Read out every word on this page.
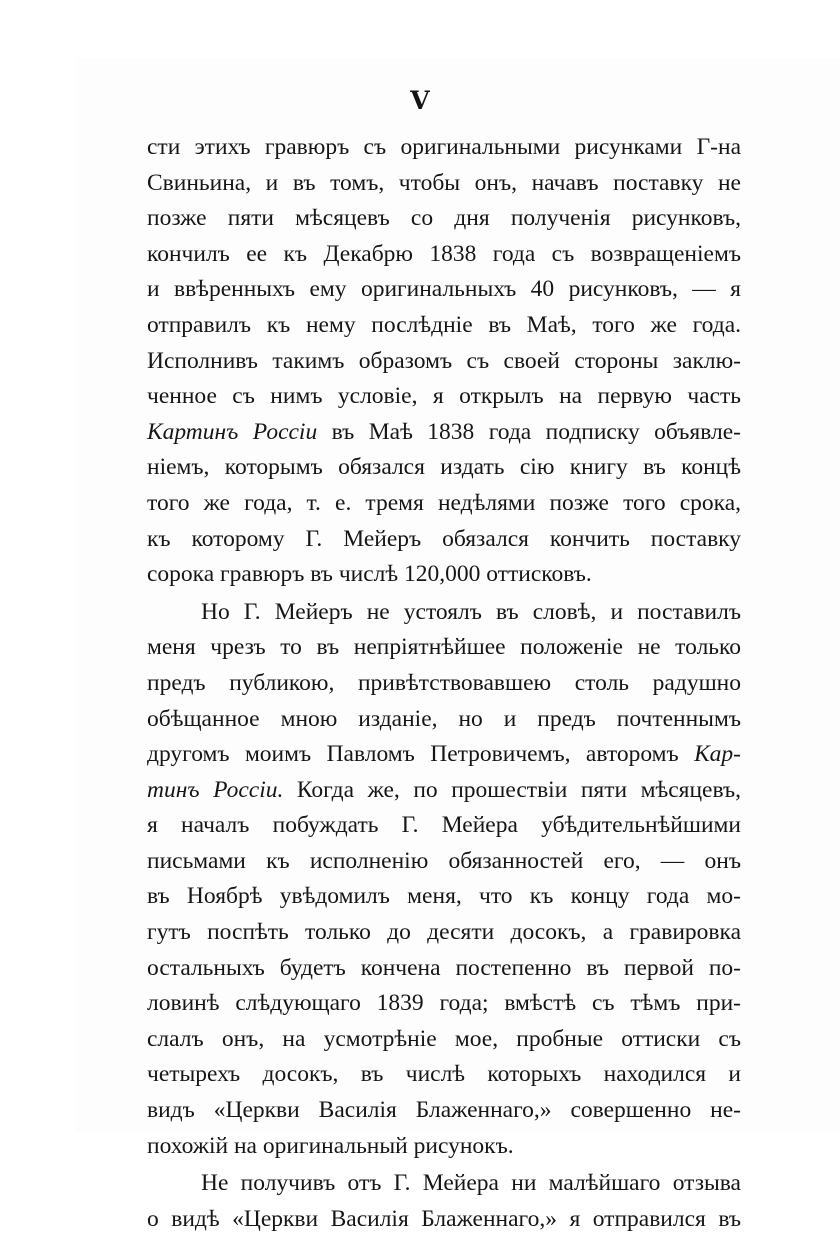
V
сти этихъ гравюръ съ оригинальными рисунками Г-на
Свиньина, и въ томъ, чтобы онъ, начавъ поставку не
позже пяти мѣсяцевъ со дня полученія рисунковъ,
кончилъ ее къ Декабрю 1838 года съ возвращеніемъ
и ввѣренныхъ ему оригинальныхъ 40 рисунковъ, — я
отправилъ къ нему послѣдніе въ Маѣ, того же года.
Исполнивъ такимъ образомъ съ своей стороны заклю-
ченное съ нимъ условіе, я открылъ на первую часть
Картинъ Россіи въ Маѣ 1838 года подписку объявле-
ніемъ, которымъ обязался издать сію книгу въ концѣ
того же года, т. е. тремя недѣлями позже того срока,
къ которому Г. Мейеръ обязался кончить поставку
сорока гравюръ въ числѣ 120,000 оттисковъ.
Но Г. Мейеръ не устоялъ въ словѣ, и поставилъ
меня чрезъ то въ непріятнѣйшее положеніе не только
предъ публикою, привѣтствовавшею столь радушно
обѣщанное мною изданіе, но и предъ почтеннымъ
другомъ моимъ Павломъ Петровичемъ, авторомъ Кар-
тинъ Россіи. Когда же, по прошествіи пяти мѣсяцевъ,
я началъ побуждать Г. Мейера убѣдительнѣйшими
письмами къ исполненію обязанностей его, — онъ
въ Ноябрѣ увѣдомилъ меня, что къ концу года мо-
гутъ поспѣть только до десяти досокъ, а гравировка
остальныхъ будетъ кончена постепенно въ первой по-
ловинѣ слѣдующаго 1839 года; вмѣстѣ съ тѣмъ при-
слалъ онъ, на усмотрѣніе мое, пробные оттиски съ
четырехъ досокъ, въ числѣ которыхъ находился и
видъ «Церкви Василія Блаженнаго,» совершенно не-
похожій на оригинальный рисунокъ.
Не получивъ отъ Г. Мейера ни малѣйшаго отзыва
о видѣ «Церкви Василія Блаженнаго,» я отправился въ
